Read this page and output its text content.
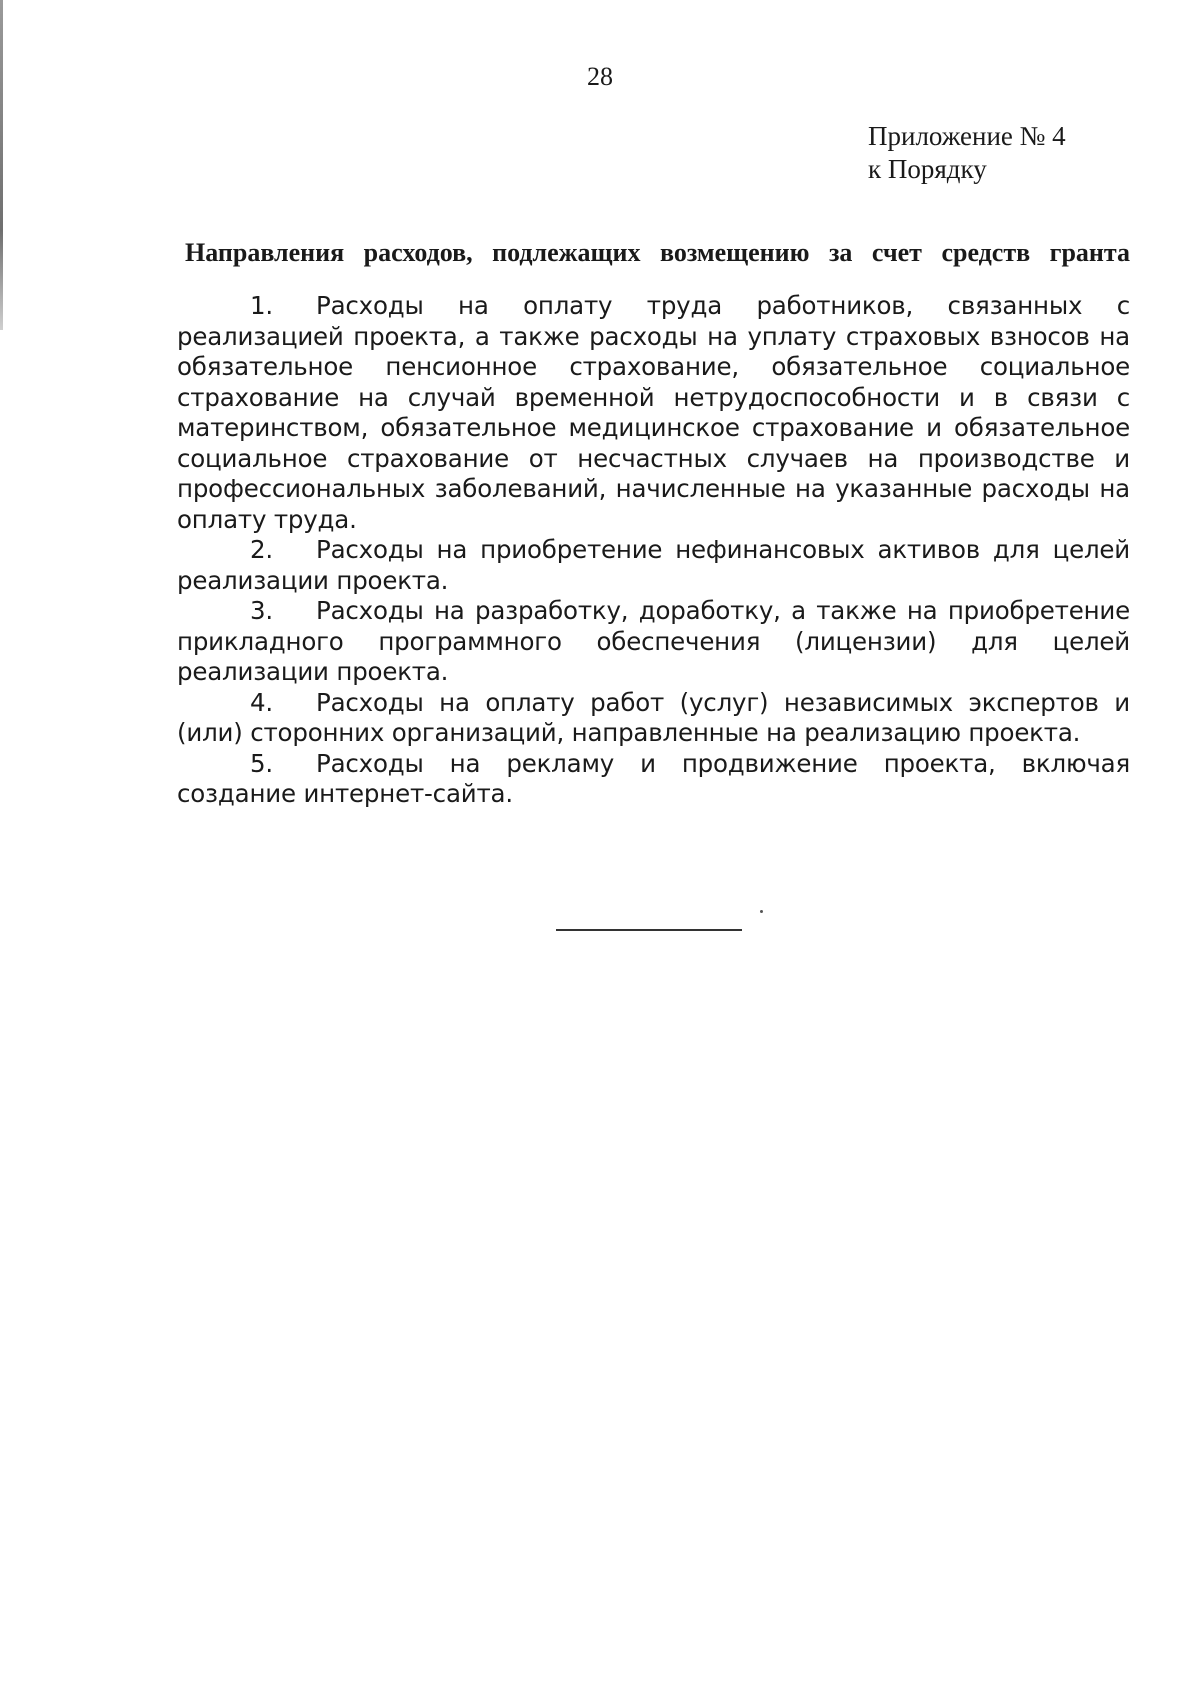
28
Приложение № 4
к Порядку
Направления расходов, подлежащих возмещению за счет средств гранта

1. Расходы на оплату труда работников, связанных с реализацией проекта, а также расходы на уплату страховых взносов на обязательное пенсионное страхование, обязательное социальное страхование на случай временной нетрудоспособности и в связи с материнством, обязательное медицинское страхование и обязательное социальное страхование от несчастных случаев на производстве и профессиональных заболеваний, начисленные на указанные расходы на оплату труда.

2. Расходы на приобретение нефинансовых активов для целей реализации проекта.

3. Расходы на разработку, доработку, а также на приобретение прикладного программного обеспечения (лицензии) для целей реализации проекта.

4. Расходы на оплату работ (услуг) независимых экспертов и (или) сторонних организаций, направленные на реализацию проекта.

5. Расходы на рекламу и продвижение проекта, включая создание интернет-сайта.
